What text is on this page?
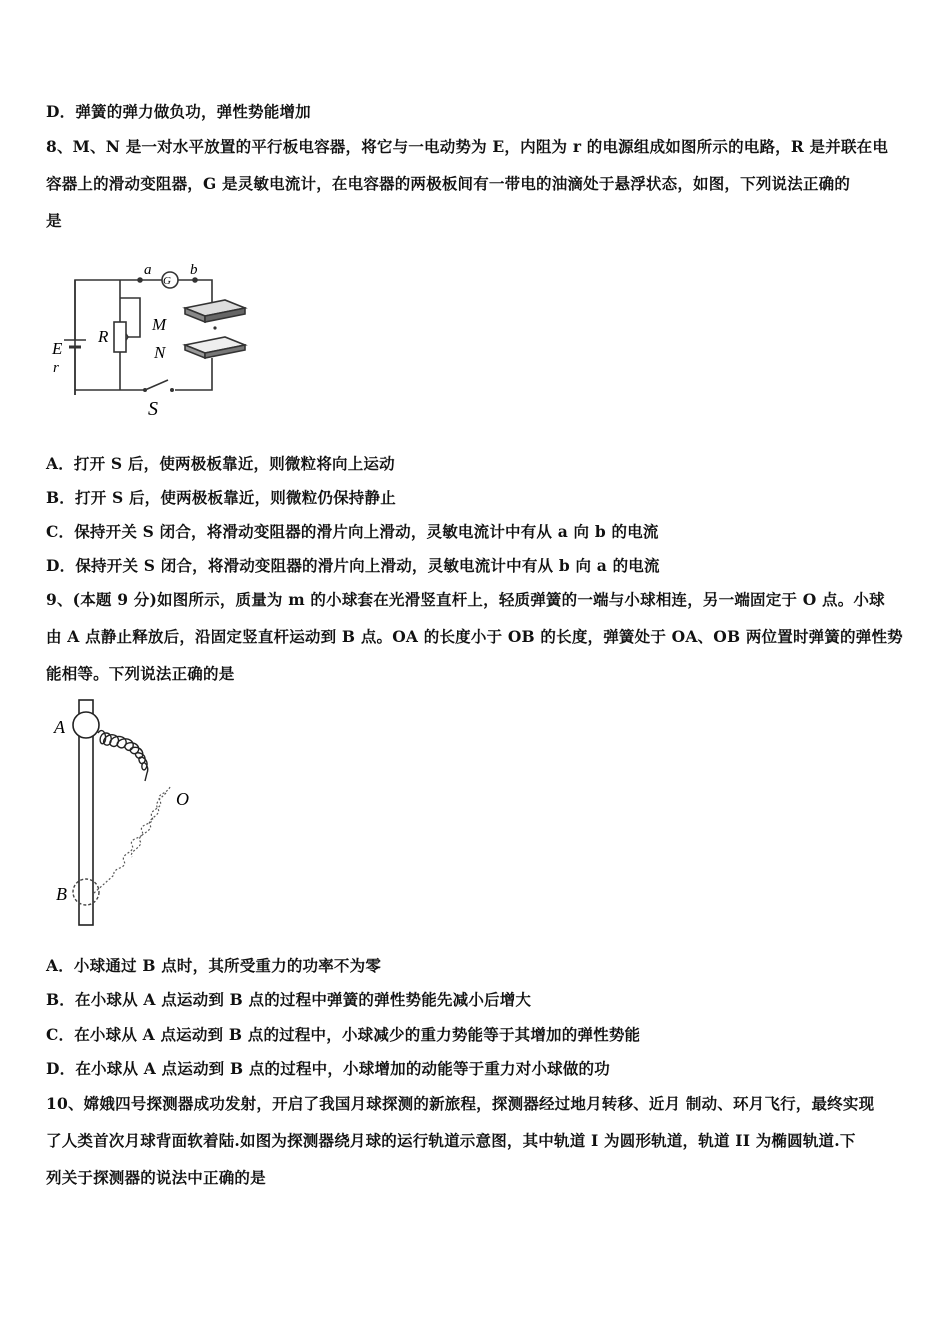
D．弹簧的弹力做负功，弹性势能增加
8、M、N 是一对水平放置的平行板电容器，将它与一电动势为 E，内阻为 r 的电源组成如图所示的电路，R 是并联在电
容器上的滑动变阻器，G 是灵敏电流计，在电容器的两极板间有一带电的油滴处于悬浮状态，如图，下列说法正确的
是
G
a	b
R
M
N
E
r
S
A．打开 S 后，使两极板靠近，则微粒将向上运动
B．打开 S 后，使两极板靠近，则微粒仍保持静止
C．保持开关 S 闭合，将滑动变阻器的滑片向上滑动，灵敏电流计中有从 a 向 b 的电流
D．保持开关 S 闭合，将滑动变阻器的滑片向上滑动，灵敏电流计中有从 b 向 a 的电流
9、(本题 9 分)如图所示，质量为 m 的小球套在光滑竖直杆上，轻质弹簧的一端与小球相连，另一端固定于 O 点。小球
由 A 点静止释放后，沿固定竖直杆运动到 B 点。OA 的长度小于 OB 的长度，弹簧处于 OA、OB 两位置时弹簧的弹性势
能相等。下列说法正确的是
A
O
B
A．小球通过 B 点时，其所受重力的功率不为零
B．在小球从 A 点运动到 B 点的过程中弹簧的弹性势能先减小后增大
C．在小球从 A 点运动到 B 点的过程中，小球减少的重力势能等于其增加的弹性势能
D．在小球从 A 点运动到 B 点的过程中，小球增加的动能等于重力对小球做的功
10、嫦娥四号探测器成功发射，开启了我国月球探测的新旅程，探测器经过地月转移、近月 制动、环月飞行，最终实现
了人类首次月球背面软着陆.如图为探测器绕月球的运行轨道示意图，其中轨道 I 为圆形轨道，轨道 II 为椭圆轨道.下
列关于探测器的说法中正确的是
